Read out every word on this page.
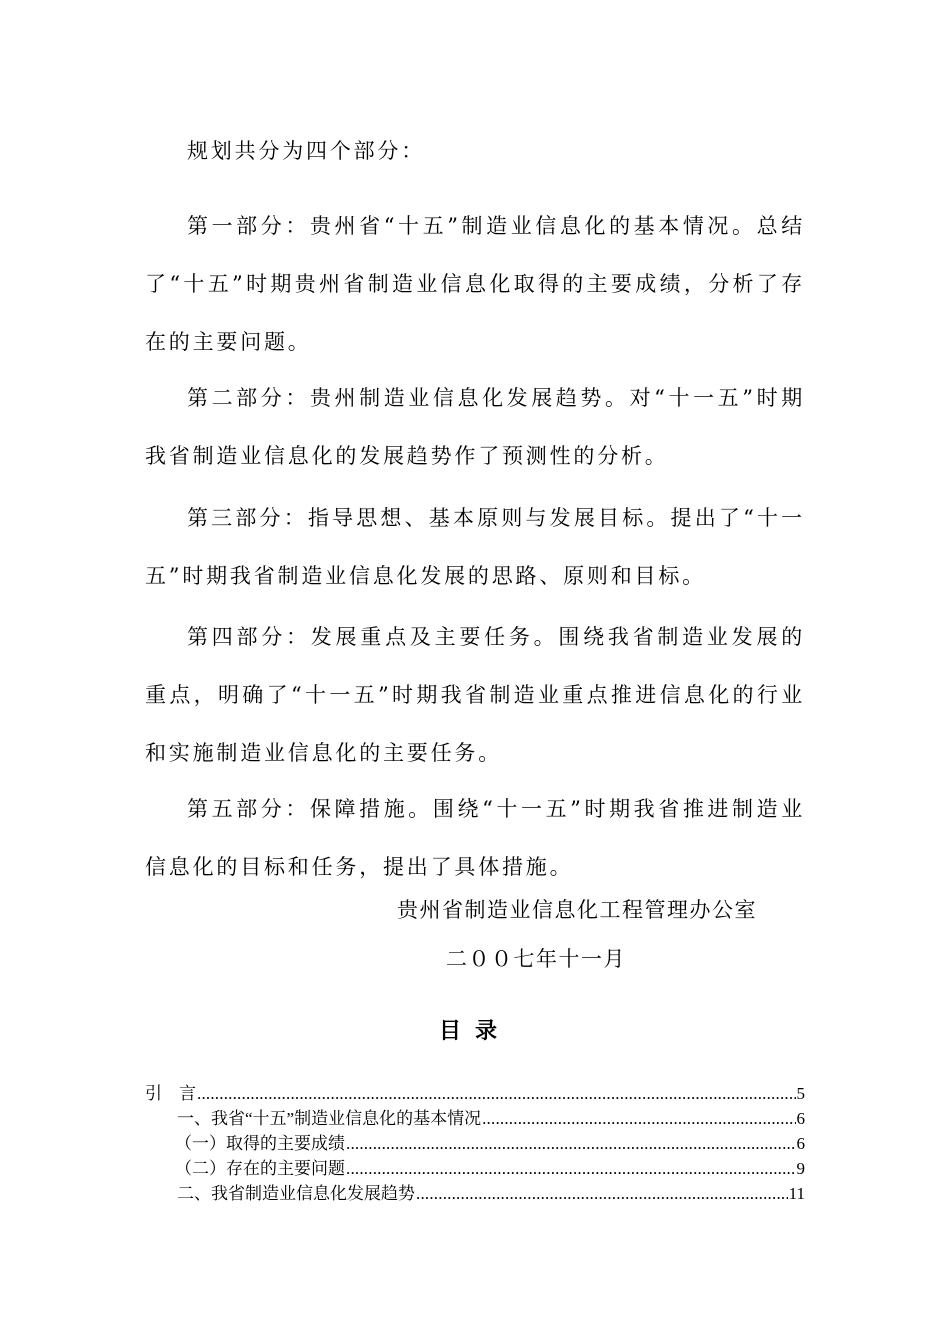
规划共分为四个部分：

第一部分：贵州省“十五”制造业信息化的基本情况。总结了“十五”时期贵州省制造业信息化取得的主要成绩，分析了存在的主要问题。

第二部分：贵州制造业信息化发展趋势。对“十一五”时期我省制造业信息化的发展趋势作了预测性的分析。

第三部分：指导思想、基本原则与发展目标。提出了“十一五”时期我省制造业信息化发展的思路、原则和目标。

第四部分：发展重点及主要任务。围绕我省制造业发展的重点，明确了“十一五”时期我省制造业重点推进信息化的行业和实施制造业信息化的主要任务。

第五部分：保障措施。围绕“十一五”时期我省推进制造业信息化的目标和任务，提出了具体措施。

贵州省制造业信息化工程管理办公室
二００七年十一月
目录
引　言 .....	5
一、我省“十五”制造业信息化的基本情况 .....	6
（一）取得的主要成绩 .....	6
（二）存在的主要问题 .....	9
二、我省制造业信息化发展趋势 .....	11
